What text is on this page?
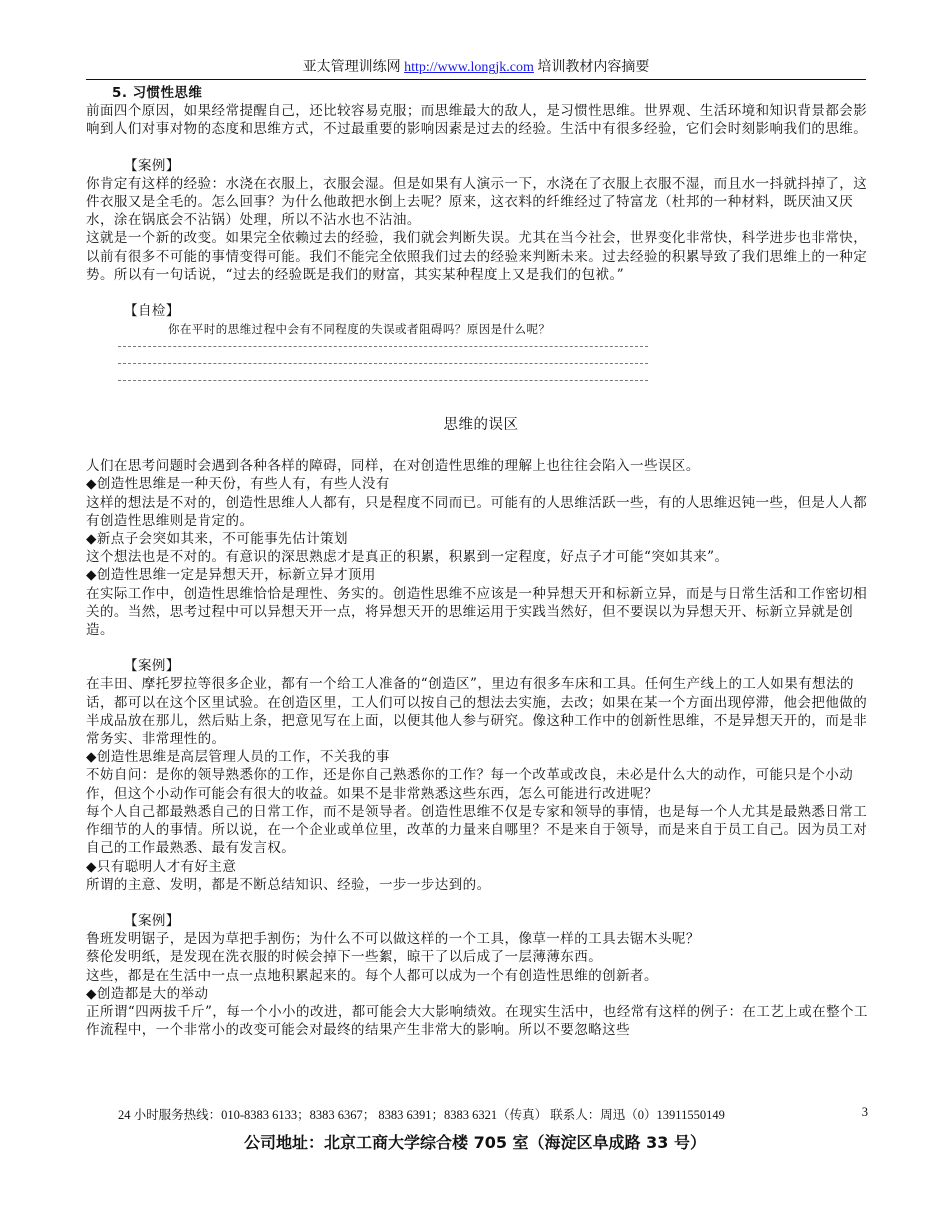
亚太管理训练网 http://www.longjk.com 培训教材内容摘要

5. 习惯性思维

前面四个原因，如果经常提醒自己，还比较容易克服；而思维最大的敌人，是习惯性思维。世界观、生活环境和知识背景都会影响到人们对事对物的态度和思维方式，不过最重要的影响因素是过去的经验。生活中有很多经验，它们会时刻影响我们的思维。

【案例】

你肯定有这样的经验：水浇在衣服上，衣服会湿。但是如果有人演示一下，水浇在了衣服上衣服不湿，而且水一抖就抖掉了，这件衣服又是全毛的。怎么回事？为什么他敢把水倒上去呢？原来，这衣料的纤维经过了特富龙（杜邦的一种材料，既厌油又厌水，涂在锅底会不沾锅）处理，所以不沾水也不沾油。

这就是一个新的改变。如果完全依赖过去的经验，我们就会判断失误。尤其在当今社会，世界变化非常快，科学进步也非常快，以前有很多不可能的事情变得可能。我们不能完全依照我们过去的经验来判断未来。过去经验的积累导致了我们思维上的一种定势。所以有一句话说，“过去的经验既是我们的财富，其实某种程度上又是我们的包袱。”

【自检】

你在平时的思维过程中会有不同程度的失误或者阻碍吗？原因是什么呢？

思维的误区

人们在思考问题时会遇到各种各样的障碍，同样，在对创造性思维的理解上也往往会陷入一些误区。

◆创造性思维是一种天份，有些人有，有些人没有

这样的想法是不对的，创造性思维人人都有，只是程度不同而已。可能有的人思维活跃一些，有的人思维迟钝一些，但是人人都有创造性思维则是肯定的。

◆新点子会突如其来，不可能事先估计策划

这个想法也是不对的。有意识的深思熟虑才是真正的积累，积累到一定程度，好点子才可能“突如其来”。

◆创造性思维一定是异想天开，标新立异才顶用

在实际工作中，创造性思维恰恰是理性、务实的。创造性思维不应该是一种异想天开和标新立异，而是与日常生活和工作密切相关的。当然，思考过程中可以异想天开一点，将异想天开的思维运用于实践当然好，但不要误以为异想天开、标新立异就是创造。

【案例】

在丰田、摩托罗拉等很多企业，都有一个给工人准备的“创造区”，里边有很多车床和工具。任何生产线上的工人如果有想法的话，都可以在这个区里试验。在创造区里，工人们可以按自己的想法去实施，去改；如果在某一个方面出现停滞，他会把他做的半成品放在那儿，然后贴上条，把意见写在上面，以便其他人参与研究。像这种工作中的创新性思维，不是异想天开的，而是非常务实、非常理性的。

◆创造性思维是高层管理人员的工作，不关我的事

不妨自问：是你的领导熟悉你的工作，还是你自己熟悉你的工作？每一个改革或改良，未必是什么大的动作，可能只是个小动作，但这个小动作可能会有很大的收益。如果不是非常熟悉这些东西，怎么可能进行改进呢？

每个人自己都最熟悉自己的日常工作，而不是领导者。创造性思维不仅是专家和领导的事情，也是每一个人尤其是最熟悉日常工作细节的人的事情。所以说，在一个企业或单位里，改革的力量来自哪里？不是来自于领导，而是来自于员工自己。因为员工对自己的工作最熟悉、最有发言权。

◆只有聪明人才有好主意

所谓的主意、发明，都是不断总结知识、经验，一步一步达到的。

【案例】

鲁班发明锯子，是因为草把手割伤；为什么不可以做这样的一个工具，像草一样的工具去锯木头呢？

蔡伦发明纸，是发现在洗衣服的时候会掉下一些絮，晾干了以后成了一层薄薄东西。

这些，都是在生活中一点一点地积累起来的。每个人都可以成为一个有创造性思维的创新者。

◆创造都是大的举动

正所谓“四两拔千斤”，每一个小小的改进，都可能会大大影响绩效。在现实生活中，也经常有这样的例子：在工艺上或在整个工作流程中，一个非常小的改变可能会对最终的结果产生非常大的影响。所以不要忽略这些

24 小时服务热线：010-8383 6133；8383 6367； 8383 6391；8383 6321（传真） 联系人：周迅（0）13911550149	3
公司地址：北京工商大学综合楼 705 室（海淀区阜成路 33 号）
